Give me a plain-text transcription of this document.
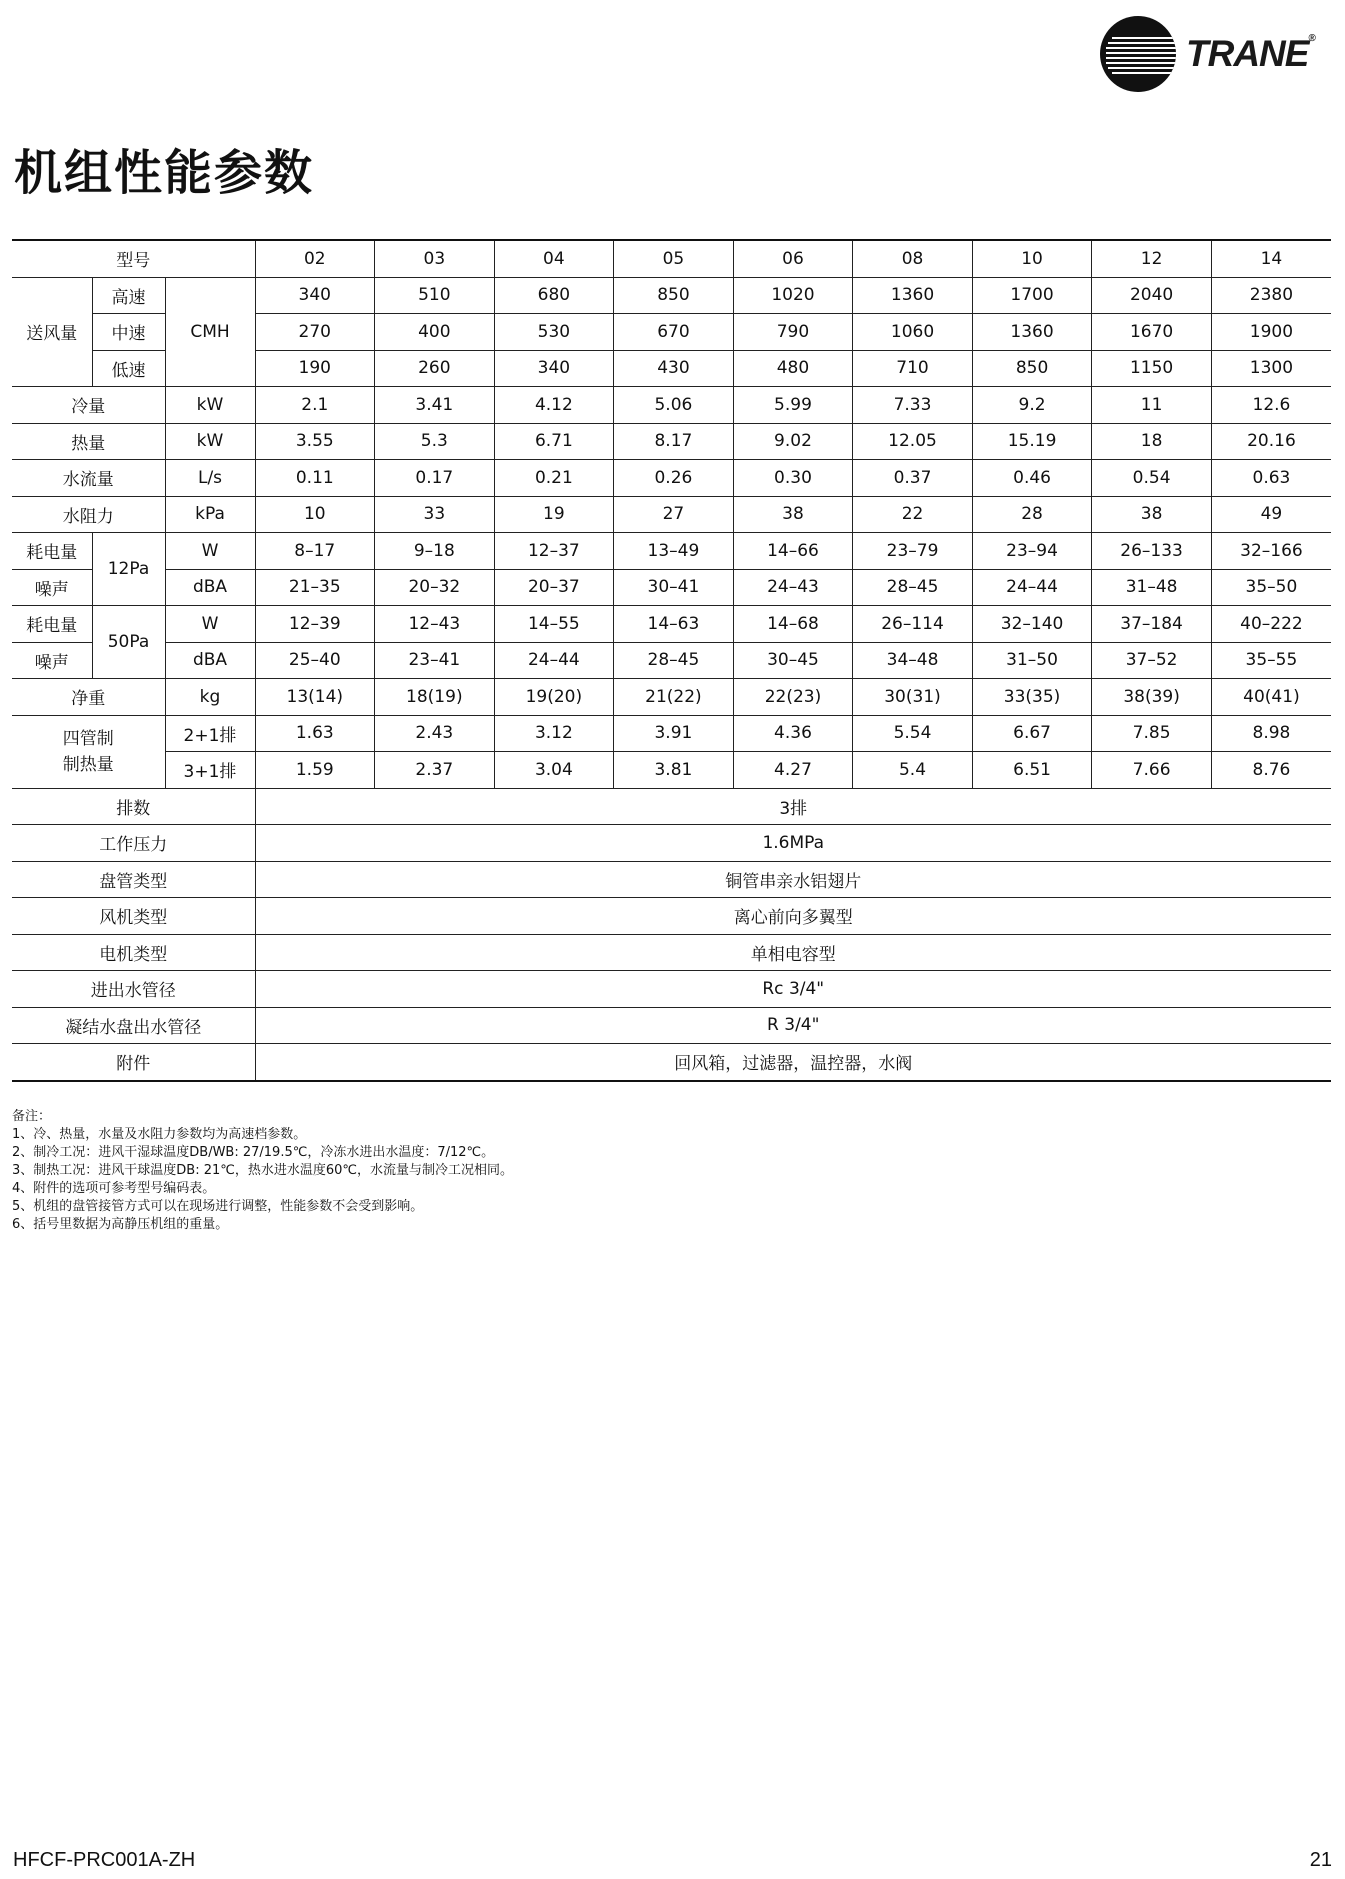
TRANE®
机组性能参数
型号			02	03	04	05	06	08	10	12	14
送风量	高速	CMH	340	510	680	850	1020	1360	1700	2040	2380
	中速		270	400	530	670	790	1060	1360	1670	1900
	低速		190	260	340	430	480	710	850	1150	1300
冷量		kW	2.1	3.41	4.12	5.06	5.99	7.33	9.2	11	12.6
热量		kW	3.55	5.3	6.71	8.17	9.02	12.05	15.19	18	20.16
水流量		L/s	0.11	0.17	0.21	0.26	0.30	0.37	0.46	0.54	0.63
水阻力		kPa	10	33	19	27	38	22	28	38	49
耗电量	12Pa	W	8–17	9–18	12–37	13–49	14–66	23–79	23–94	26–133	32–166
噪声		dBA	21–35	20–32	20–37	30–41	24–43	28–45	24–44	31–48	35–50
耗电量	50Pa	W	12–39	12–43	14–55	14–63	14–68	26–114	32–140	37–184	40–222
噪声		dBA	25–40	23–41	24–44	28–45	30–45	34–48	31–50	37–52	35–55
净重		kg	13(14)	18(19)	19(20)	21(22)	22(23)	30(31)	33(35)	38(39)	40(41)

四管制
制热量		2+1排	1.63	2.43	3.12	3.91	4.36	5.54	6.67	7.85	8.98
		3+1排	1.59	2.37	3.04	3.81	4.27	5.4	6.51	7.66	8.76
排数			3排								
工作压力			1.6MPa								
盘管类型			铜管串亲水铝翅片								
风机类型			离心前向多翼型								
电机类型			单相电容型								
进出水管径			Rc 3/4"								
凝结水盘出水管径			R 3/4"								
附件			回风箱，过滤器，温控器，水阀								
备注：
1、冷、热量，水量及水阻力参数均为高速档参数。
2、制冷工况：进风干湿球温度DB/WB: 27/19.5℃，冷冻水进出水温度：7/12℃。
3、制热工况：进风干球温度DB: 21℃，热水进水温度60℃，水流量与制冷工况相同。
4、附件的选项可参考型号编码表。
5、机组的盘管接管方式可以在现场进行调整，性能参数不会受到影响。
6、括号里数据为高静压机组的重量。
HFCF-PRC001A-ZH	21
